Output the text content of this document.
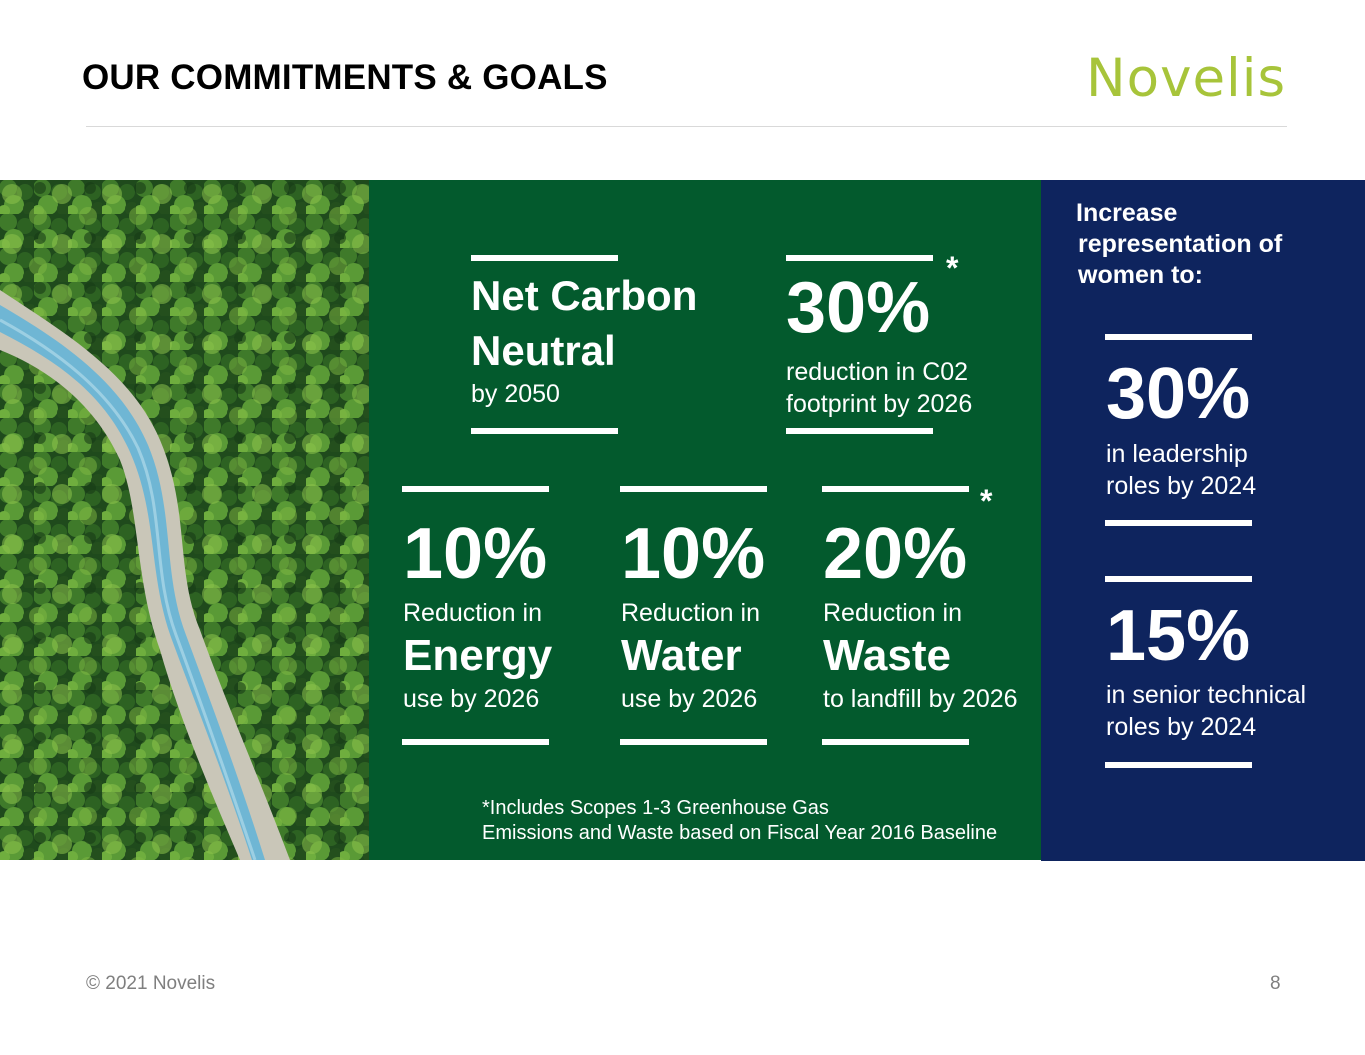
OUR COMMITMENTS & GOALS	Novelis
Net Carbon
Neutral
by 2050
*
30%
reduction in C02
footprint by 2026
10%
Reduction in
Energy
use by 2026
10%
Reduction in
Water
use by 2026
*
20%
Reduction in
Waste
to landfill by 2026
*Includes Scopes 1-3 Greenhouse Gas
Emissions and Waste based on Fiscal Year 2016 Baseline
Increase
representation of
women to:
30%
in leadership
roles by 2024
15%
in senior technical
roles by 2024
© 2021 Novelis	8
